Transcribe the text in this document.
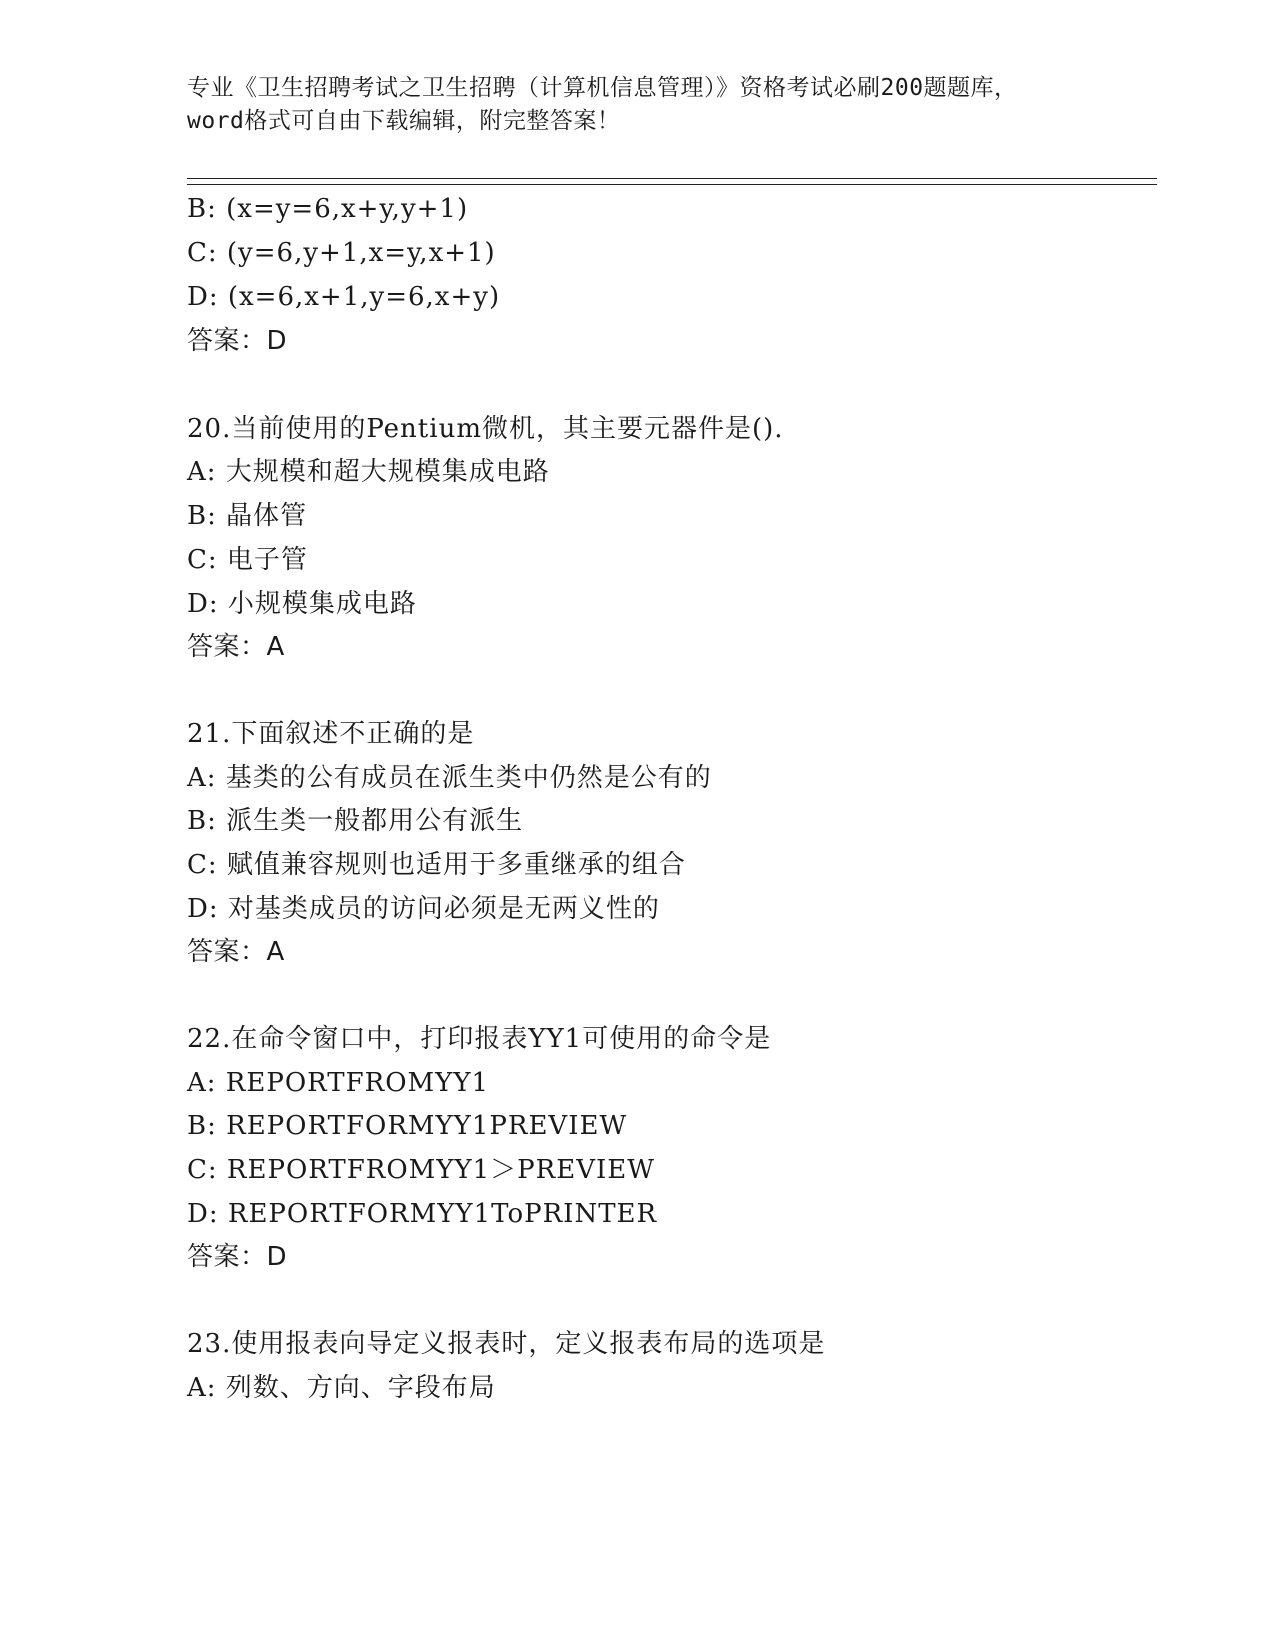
专业《卫生招聘考试之卫生招聘（计算机信息管理）》资格考试必刷200题题库，
word格式可自由下载编辑，附完整答案！
B: (x=y=6,x+y,y+1)
C: (y=6,y+1,x=y,x+1)
D: (x=6,x+1,y=6,x+y)
答案：D
20.当前使用的Pentium微机，其主要元器件是().
A: 大规模和超大规模集成电路
B: 晶体管
C: 电子管
D: 小规模集成电路
答案：A
21.下面叙述不正确的是
A: 基类的公有成员在派生类中仍然是公有的
B: 派生类一般都用公有派生
C: 赋值兼容规则也适用于多重继承的组合
D: 对基类成员的访问必须是无两义性的
答案：A
22.在命令窗口中，打印报表YY1可使用的命令是
A: REPORTFROMYY1
B: REPORTFORMYY1PREVIEW
C: REPORTFROMYY1＞PREVIEW
D: REPORTFORMYY1ToPRINTER
答案：D
23.使用报表向导定义报表时，定义报表布局的选项是
A: 列数、方向、字段布局
